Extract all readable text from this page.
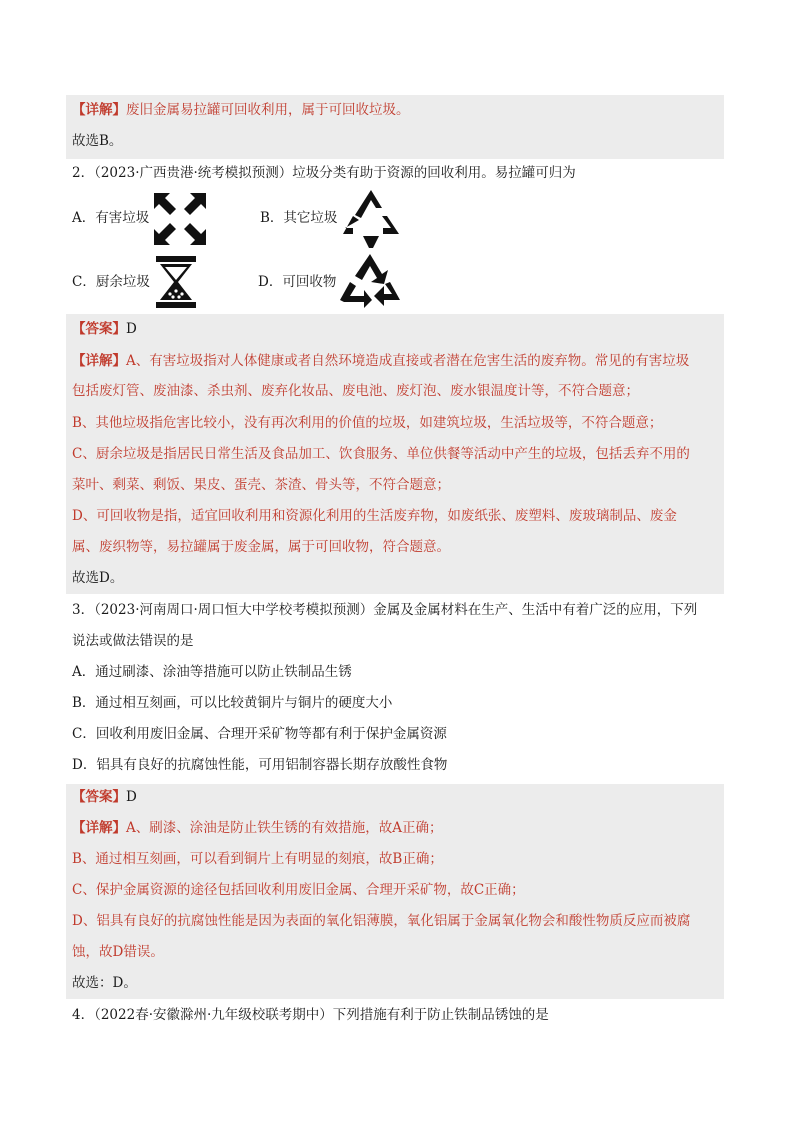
【详解】废旧金属易拉罐可回收利用，属于可回收垃圾。
故选B。
2．（2023·广西贵港·统考模拟预测）垃圾分类有助于资源的回收利用。易拉罐可归为
A．有害垃圾	B．其它垃圾
C．厨余垃圾	D．可回收物
【答案】D
【详解】A、有害垃圾指对人体健康或者自然环境造成直接或者潜在危害生活的废弃物。常见的有害垃圾
包括废灯管、废油漆、杀虫剂、废弃化妆品、废电池、废灯泡、废水银温度计等，不符合题意；
B、其他垃圾指危害比较小，没有再次利用的价值的垃圾，如建筑垃圾，生活垃圾等，不符合题意；
C、厨余垃圾是指居民日常生活及食品加工、饮食服务、单位供餐等活动中产生的垃圾，包括丢弃不用的
菜叶、剩菜、剩饭、果皮、蛋壳、茶渣、骨头等，不符合题意；
D、可回收物是指，适宜回收利用和资源化利用的生活废弃物，如废纸张、废塑料、废玻璃制品、废金
属、废织物等，易拉罐属于废金属，属于可回收物，符合题意。
故选D。
3．（2023·河南周口·周口恒大中学校考模拟预测）金属及金属材料在生产、生活中有着广泛的应用，下列
说法或做法错误的是
A．通过刷漆、涂油等措施可以防止铁制品生锈
B．通过相互刻画，可以比较黄铜片与铜片的硬度大小
C．回收利用废旧金属、合理开采矿物等都有利于保护金属资源
D．铝具有良好的抗腐蚀性能，可用铝制容器长期存放酸性食物
【答案】D
【详解】A、刷漆、涂油是防止铁生锈的有效措施，故A正确；
B、通过相互刻画，可以看到铜片上有明显的刻痕，故B正确；
C、保护金属资源的途径包括回收利用废旧金属、合理开采矿物，故C正确；
D、铝具有良好的抗腐蚀性能是因为表面的氧化铝薄膜，氧化铝属于金属氧化物会和酸性物质反应而被腐
蚀，故D错误。
故选：D。
4．（2022春·安徽滁州·九年级校联考期中）下列措施有利于防止铁制品锈蚀的是
